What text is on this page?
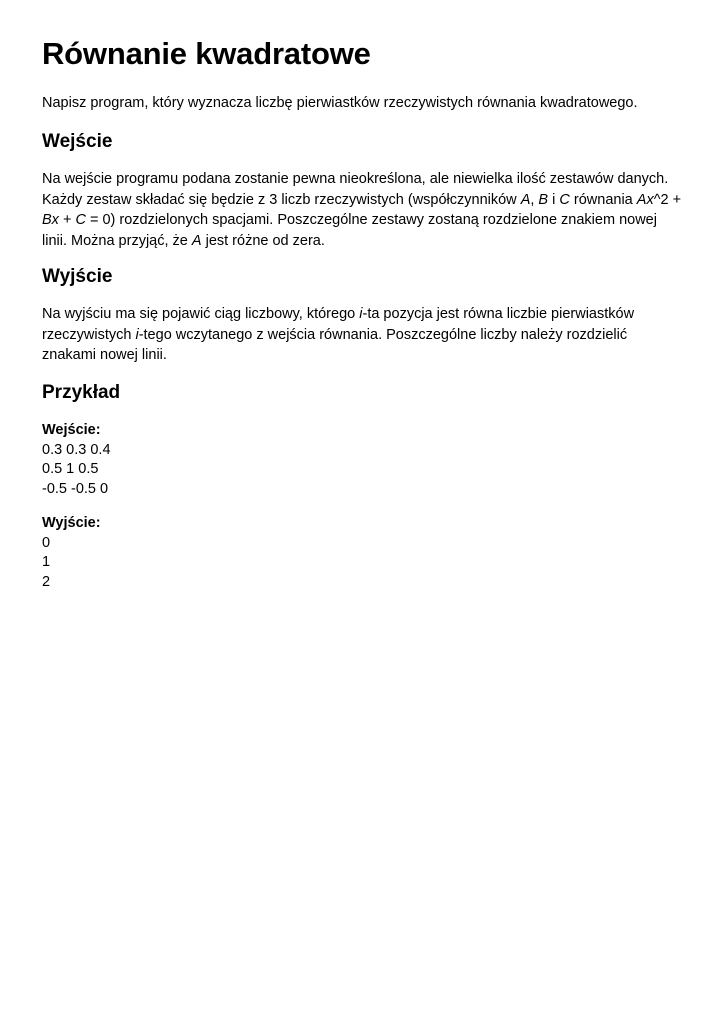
Równanie kwadratowe

Napisz program, który wyznacza liczbę pierwiastków rzeczywistych równania kwadratowego.

Wejście

Na wejście programu podana zostanie pewna nieokreślona, ale niewielka ilość zestawów danych. Każdy zestaw składać się będzie z 3 liczb rzeczywistych (współczynników A, B i C równania Ax^2 + Bx + C = 0) rozdzielonych spacjami. Poszczególne zestawy zostaną rozdzielone znakiem nowej linii. Można przyjąć, że A jest różne od zera.

Wyjście

Na wyjściu ma się pojawić ciąg liczbowy, którego i-ta pozycja jest równa liczbie pierwiastków rzeczywistych i-tego wczytanego z wejścia równania. Poszczególne liczby należy rozdzielić znakami nowej linii.

Przykład
Wejście:
0.3 0.3 0.4
0.5 1 0.5
-0.5 -0.5 0
Wyjście:
0
1
2
